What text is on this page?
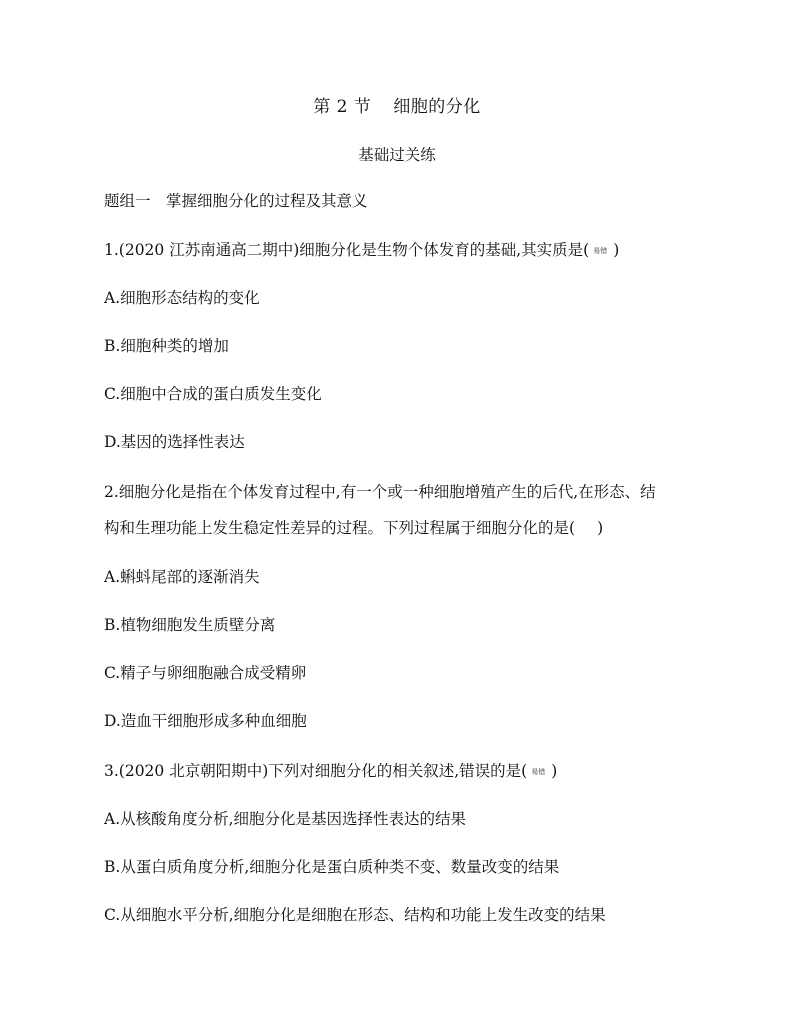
第 2 节 细胞的分化
基础过关练
题组一　掌握细胞分化的过程及其意义
1.(2020 江苏南通高二期中)细胞分化是生物个体发育的基础,其实质是( 易错 )
A.细胞形态结构的变化
B.细胞种类的增加
C.细胞中合成的蛋白质发生变化
D.基因的选择性表达
2.细胞分化是指在个体发育过程中,有一个或一种细胞增殖产生的后代,在形态、结
构和生理功能上发生稳定性差异的过程。下列过程属于细胞分化的是( )
A.蝌蚪尾部的逐渐消失
B.植物细胞发生质壁分离
C.精子与卵细胞融合成受精卵
D.造血干细胞形成多种血细胞
3.(2020 北京朝阳期中)下列对细胞分化的相关叙述,错误的是( 易错 )
A.从核酸角度分析,细胞分化是基因选择性表达的结果
B.从蛋白质角度分析,细胞分化是蛋白质种类不变、数量改变的结果
C.从细胞水平分析,细胞分化是细胞在形态、结构和功能上发生改变的结果
